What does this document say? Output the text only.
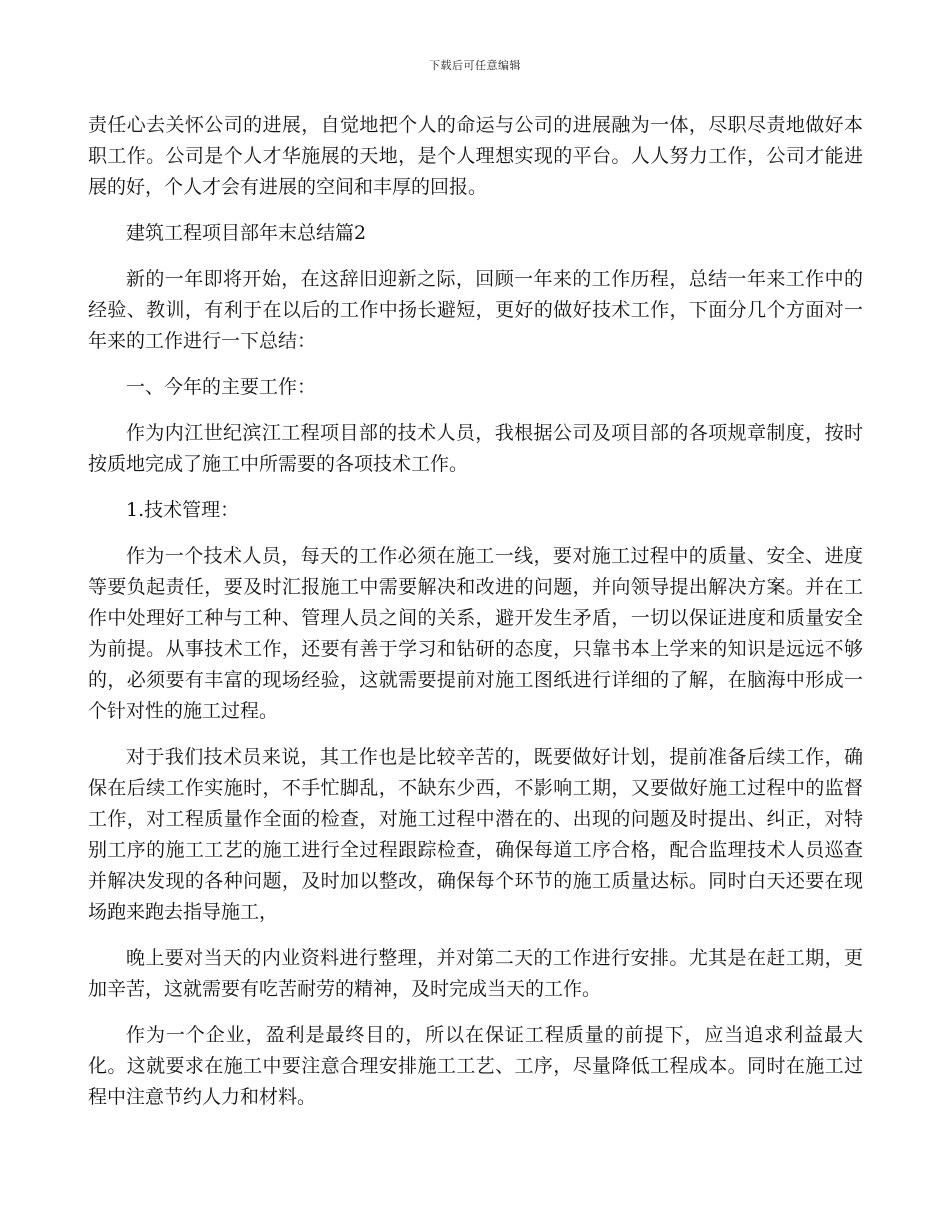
下载后可任意编辑

责任心去关怀公司的进展，自觉地把个人的命运与公司的进展融为一体，尽职尽责地做好本职工作。公司是个人才华施展的天地，是个人理想实现的平台。人人努力工作，公司才能进展的好，个人才会有进展的空间和丰厚的回报。

建筑工程项目部年末总结篇2

新的一年即将开始，在这辞旧迎新之际，回顾一年来的工作历程，总结一年来工作中的经验、教训，有利于在以后的工作中扬长避短，更好的做好技术工作，下面分几个方面对一年来的工作进行一下总结：

一、今年的主要工作：

作为内江世纪滨江工程项目部的技术人员，我根据公司及项目部的各项规章制度，按时按质地完成了施工中所需要的各项技术工作。

1.技术管理：

作为一个技术人员，每天的工作必须在施工一线，要对施工过程中的质量、安全、进度等要负起责任，要及时汇报施工中需要解决和改进的问题，并向领导提出解决方案。并在工作中处理好工种与工种、管理人员之间的关系，避开发生矛盾，一切以保证进度和质量安全为前提。从事技术工作，还要有善于学习和钻研的态度，只靠书本上学来的知识是远远不够的，必须要有丰富的现场经验，这就需要提前对施工图纸进行详细的了解，在脑海中形成一个针对性的施工过程。

对于我们技术员来说，其工作也是比较辛苦的，既要做好计划，提前准备后续工作，确保在后续工作实施时，不手忙脚乱，不缺东少西，不影响工期，又要做好施工过程中的监督工作，对工程质量作全面的检查，对施工过程中潜在的、出现的问题及时提出、纠正，对特别工序的施工工艺的施工进行全过程跟踪检查，确保每道工序合格，配合监理技术人员巡查并解决发现的各种问题，及时加以整改，确保每个环节的施工质量达标。同时白天还要在现场跑来跑去指导施工，

晚上要对当天的内业资料进行整理，并对第二天的工作进行安排。尤其是在赶工期，更加辛苦，这就需要有吃苦耐劳的精神，及时完成当天的工作。

作为一个企业，盈利是最终目的，所以在保证工程质量的前提下，应当追求利益最大化。这就要求在施工中要注意合理安排施工工艺、工序，尽量降低工程成本。同时在施工过程中注意节约人力和材料。
